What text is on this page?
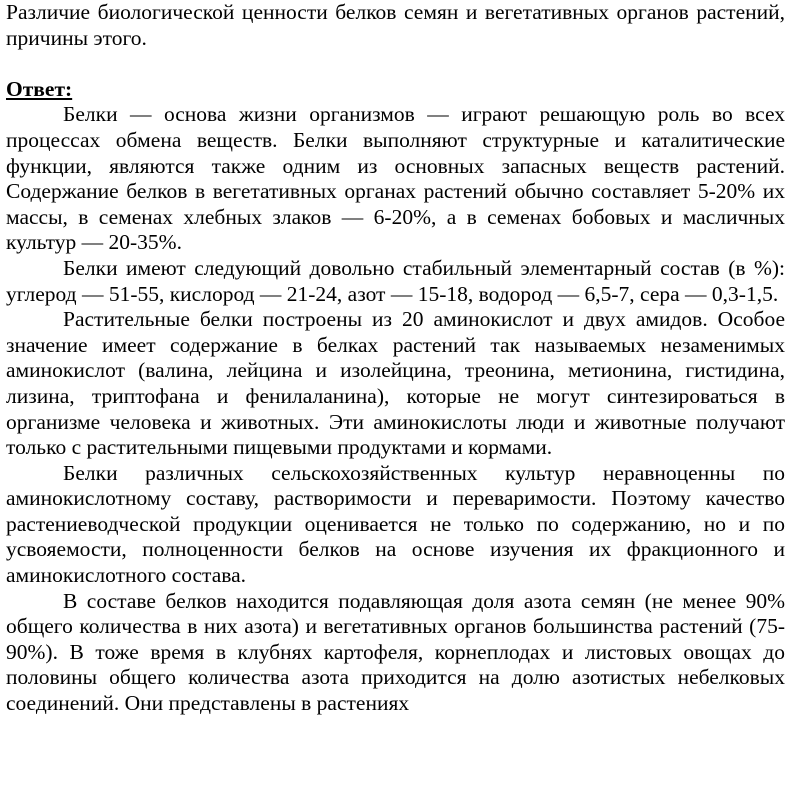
Различие биологической ценности белков семян и вегетативных органов растений, причины этого.

Ответ:

Белки — основа жизни организмов — играют решающую роль во всех процессах обмена веществ. Белки выполняют структурные и каталитические функции, являются также одним из основных запасных веществ растений. Содержание белков в вегетативных органах растений обычно составляет 5-20% их массы, в семенах хлебных злаков — 6-20%, а в семенах бобовых и масличных культур — 20-35%.

Белки имеют следующий довольно стабильный элементарный состав (в %): углерод — 51-55, кислород — 21-24, азот — 15-18, водород — 6,5-7, сера — 0,3-1,5.

Растительные белки построены из 20 аминокислот и двух амидов. Особое значение имеет содержание в белках растений так называемых незаменимых аминокислот (валина, лейцина и изолейцина, треонина, метионина, гистидина, лизина, триптофана и фенилаланина), которые не могут синтезироваться в организме человека и животных. Эти аминокислоты люди и животные получают только с растительными пищевыми продуктами и кормами.

Белки различных сельскохозяйственных культур неравноценны по аминокислотному составу, растворимости и переваримости. Поэтому качество растениеводческой продукции оценивается не только по содержанию, но и по усвояемости, полноценности белков на основе изучения их фракционного и аминокислотного состава.

В составе белков находится подавляющая доля азота семян (не менее 90% общего количества в них азота) и вегетативных органов большинства растений (75-90%). В тоже время в клубнях картофеля, корнеплодах и листовых овощах до половины общего количества азота приходится на долю азотистых небелковых соединений. Они представлены в растениях
